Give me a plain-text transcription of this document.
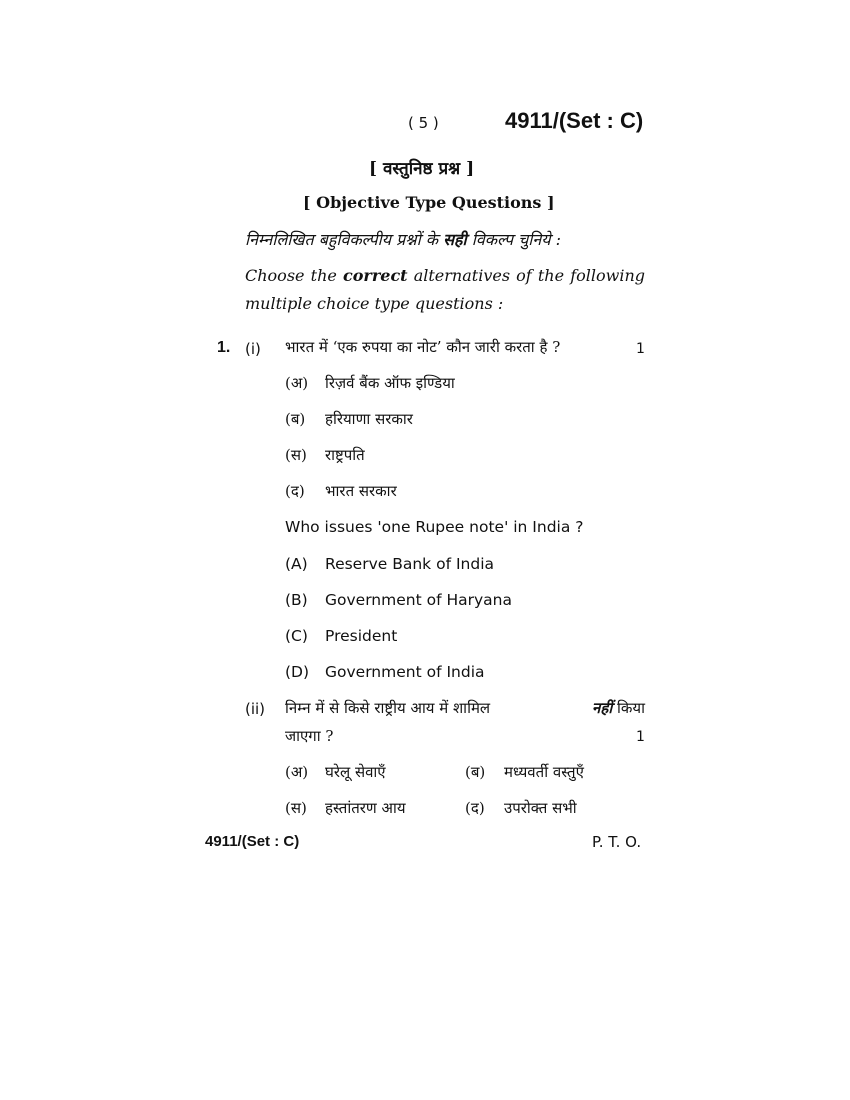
( 5 )	4911/(Set : C)
[ वस्तुनिष्ठ प्रश्न ]
[ Objective Type Questions ]
निम्नलिखित बहुविकल्पीय प्रश्नों के सही विकल्प चुनिये :
Choose the correct alternatives of the following multiple choice type questions :
1. (i) भारत में ‘एक रुपया का नोट’ कौन जारी करता है ?	1
(अ) रिज़र्व बैंक ऑफ इण्डिया
(ब) हरियाणा सरकार
(स) राष्ट्रपति
(द) भारत सरकार
Who issues 'one Rupee note' in India ?
(A) Reserve Bank of India
(B) Government of Haryana
(C) President
(D) Government of India
(ii) निम्न में से किसे राष्ट्रीय आय में शामिल	नहीं किया
जाएगा ?	1
(अ) घरेलू सेवाएँ	(ब) मध्यवर्ती वस्तुएँ
(स) हस्तांतरण आय	(द) उपरोक्त सभी
4911/(Set : C)	P. T. O.
